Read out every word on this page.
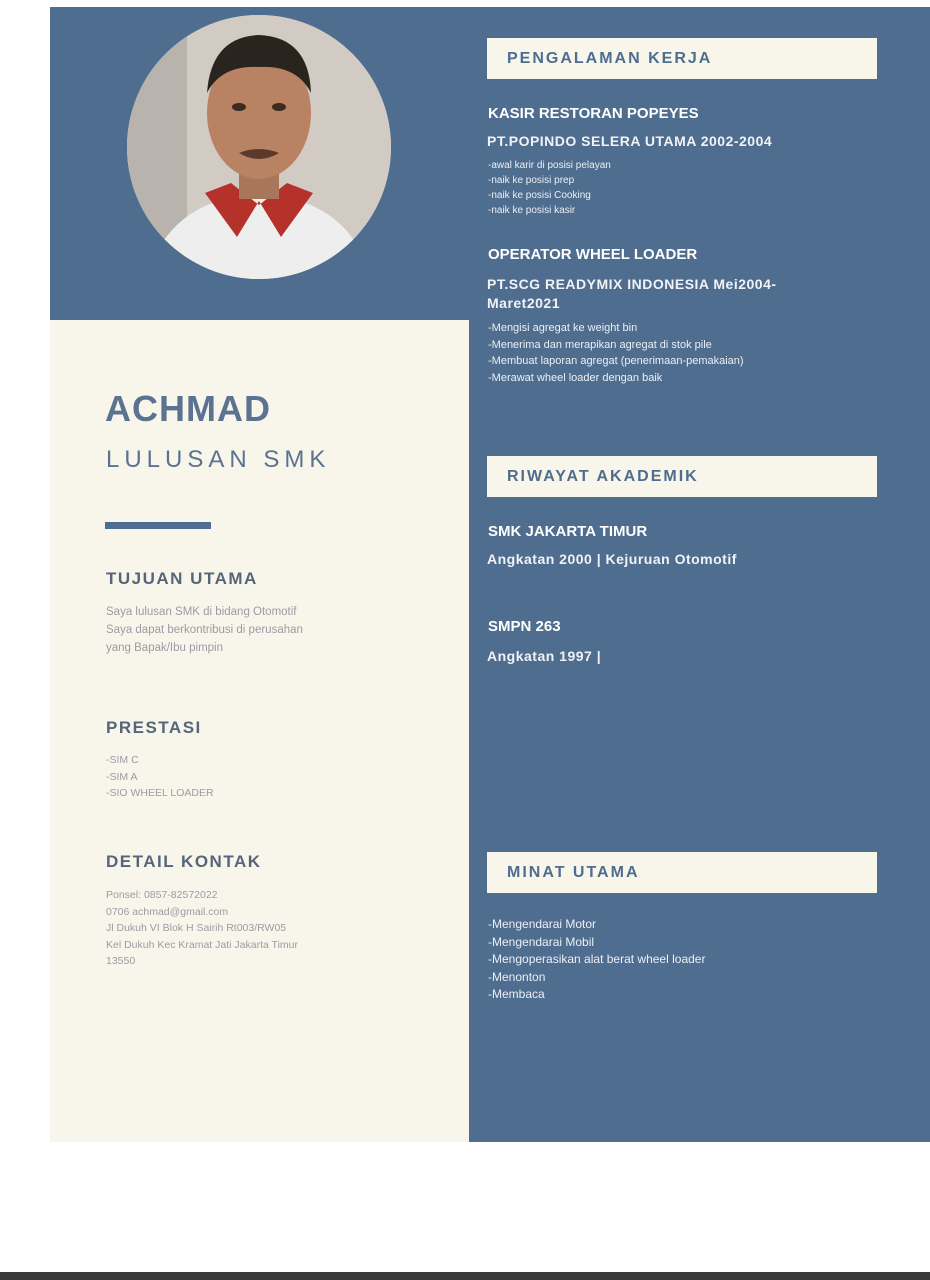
ACHMAD
LULUSAN SMK
TUJUAN UTAMA
Saya lulusan SMK di bidang Otomotif
Saya dapat berkontribusi di perusahan
yang Bapak/Ibu pimpin
PRESTASI
-SIM C
-SIM A
-SIO WHEEL LOADER
DETAIL KONTAK
Ponsel: 0857-82572022
0706 achmad@gmail.com
Jl Dukuh VI Blok H Sairih Rt003/RW05
Kel Dukuh Kec Kramat Jati Jakarta Timur
13550
PENGALAMAN KERJA
KASIR RESTORAN POPEYES
PT.POPINDO SELERA UTAMA 2002-2004
-awal karir di posisi pelayan
-naik ke posisi prep
-naik ke posisi Cooking
-naik ke posisi kasir
OPERATOR WHEEL LOADER
PT.SCG READYMIX INDONESIA Mei2004-
Maret2021
-Mengisi agregat ke weight bin
-Menerima dan merapikan agregat di stok pile
-Membuat laporan agregat (penerimaan-pemakaian)
-Merawat wheel loader dengan baik
RIWAYAT AKADEMIK
SMK JAKARTA TIMUR
Angkatan 2000 | Kejuruan Otomotif
SMPN 263
Angkatan 1997 |
MINAT UTAMA
-Mengendarai Motor
-Mengendarai Mobil
-Mengoperasikan alat berat wheel loader
-Menonton
-Membaca
